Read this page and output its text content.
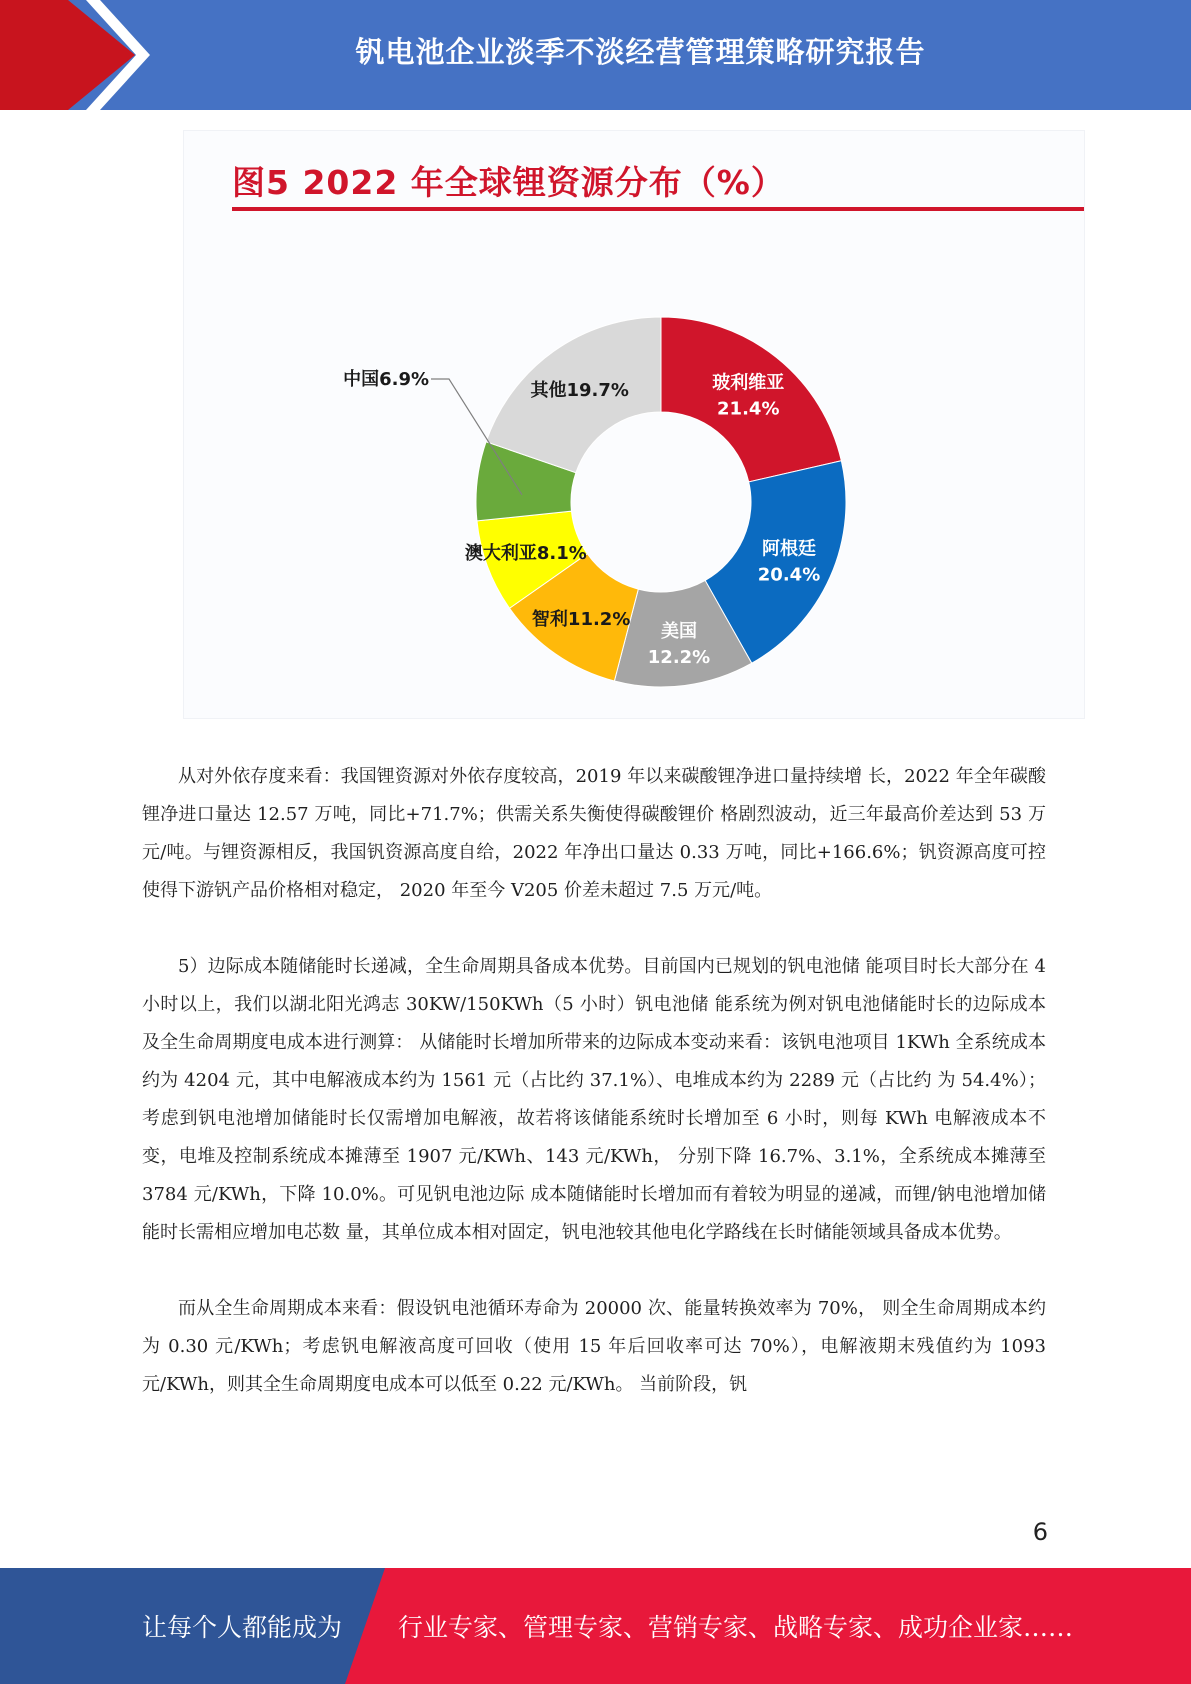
钒电池企业淡季不淡经营管理策略研究报告
图5 2022 年全球锂资源分布（%）
玻利维亚
21.4%
阿根廷
20.4%
美国
12.2%
智利11.2%
澳大利亚8.1%
中国6.9%
其他19.7%

从对外依存度来看：我国锂资源对外依存度较高，2019 年以来碳酸锂净进口量持续增 长，2022 年全年碳酸锂净进口量达 12.57 万吨，同比+71.7%；供需关系失衡使得碳酸锂价 格剧烈波动，近三年最高价差达到 53 万元/吨。与锂资源相反，我国钒资源高度自给，2022 年净出口量达 0.33 万吨，同比+166.6%；钒资源高度可控使得下游钒产品价格相对稳定， 2020 年至今 V205 价差未超过 7.5 万元/吨。

5）边际成本随储能时长递减，全生命周期具备成本优势。目前国内已规划的钒电池储 能项目时长大部分在 4 小时以上，我们以湖北阳光鸿志 30KW/150KWh（5 小时）钒电池储 能系统为例对钒电池储能时长的边际成本及全生命周期度电成本进行测算： 从储能时长增加所带来的边际成本变动来看：该钒电池项目 1KWh 全系统成本约为 4204 元，其中电解液成本约为 1561 元（占比约 37.1%）、电堆成本约为 2289 元（占比约 为 54.4%）；考虑到钒电池增加储能时长仅需增加电解液，故若将该储能系统时长增加至 6 小时，则每 KWh 电解液成本不变，电堆及控制系统成本摊薄至 1907 元/KWh、143 元/KWh， 分别下降 16.7%、3.1%，全系统成本摊薄至 3784 元/KWh，下降 10.0%。可见钒电池边际 成本随储能时长增加而有着较为明显的递减，而锂/钠电池增加储能时长需相应增加电芯数 量，其单位成本相对固定，钒电池较其他电化学路线在长时储能领域具备成本优势。

而从全生命周期成本来看：假设钒电池循环寿命为 20000 次、能量转换效率为 70%， 则全生命周期成本约为 0.30 元/KWh；考虑钒电解液高度可回收（使用 15 年后回收率可达 70%），电解液期末残值约为 1093 元/KWh，则其全生命周期度电成本可以低至 0.22 元/KWh。 当前阶段，钒

6
让每个人都能成为 行业专家、管理专家、营销专家、战略专家、成功企业家……
